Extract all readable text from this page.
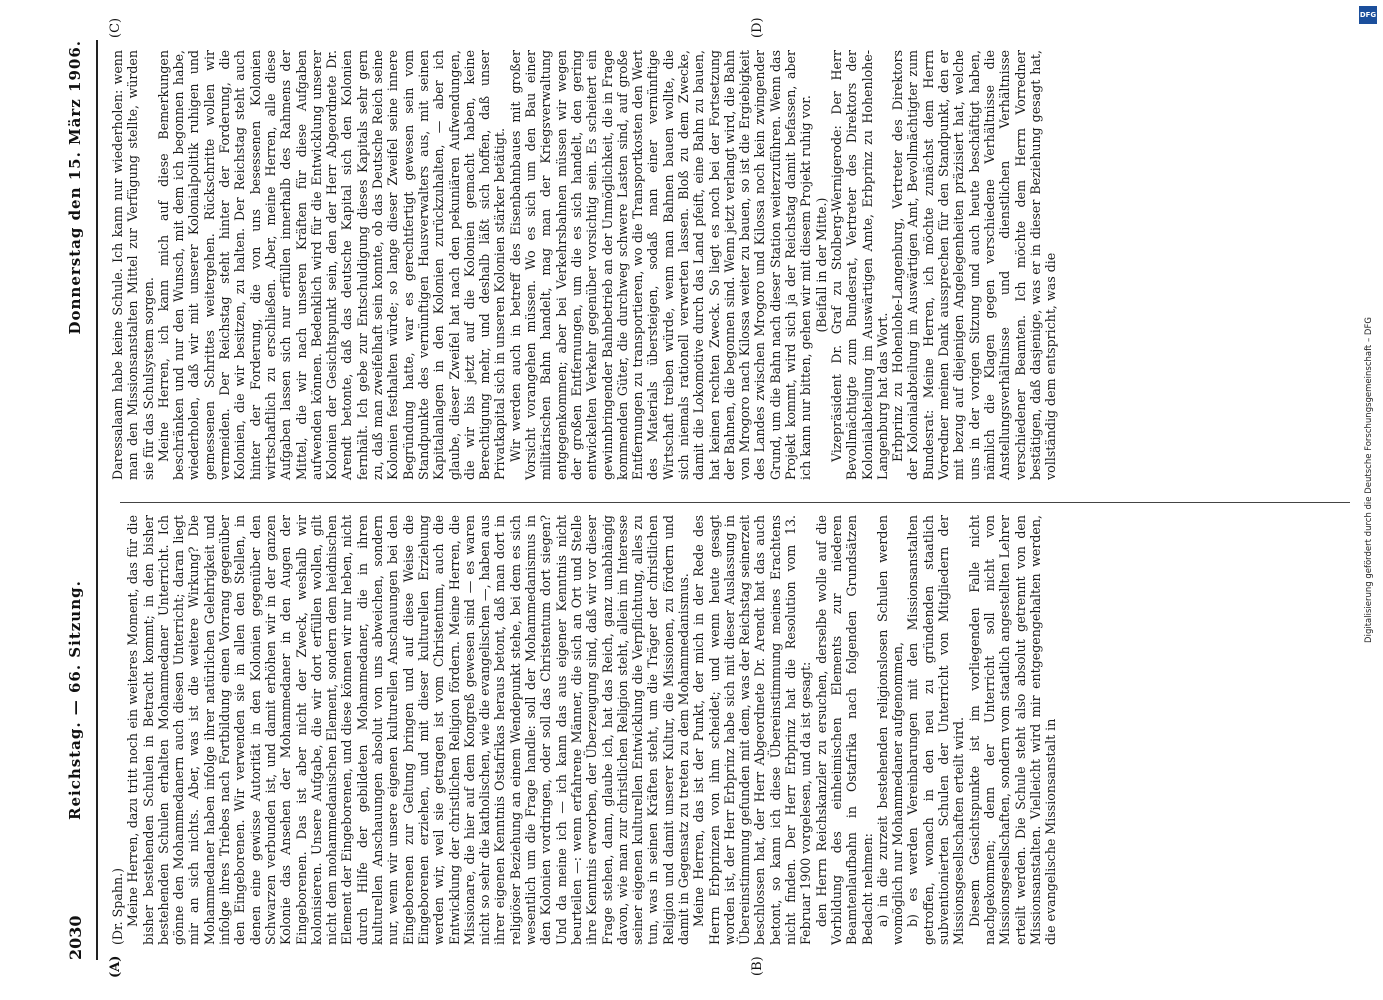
2030
Reichstag. — 66. Sitzung.
Donnerstag den 15. März 1906.
(A)	(B)
(C)	(D)

(Dr. Spahn.) Meine Herren, dazu tritt noch ein weiteres Moment, das für die bisher bestehenden Schulen in Betracht kommt; in den bisher bestehenden Schulen erhalten Mohammedaner Unterricht. Ich gönne den Mohammedanern auch diesen Unterricht; daran liegt mir an sich nichts. Aber, was ist die weitere Wirkung? Die Mohammedaner haben infolge ihrer natürlichen Gelehrigkeit und infolge ihres Triebes nach Fortbildung einen Vorrang gegenüber den Eingeborenen. Wir verwenden sie in allen den Stellen, in denen eine gewisse Autorität in den Kolonien gegenüber den Schwarzen verbunden ist, und damit erhöhen wir in der ganzen Kolonie das Ansehen der Mohammedaner in den Augen der Eingeborenen. Das ist aber nicht der Zweck, weshalb wir kolonisieren. Unsere Aufgabe, die wir dort erfüllen wollen, gilt nicht dem mohammedanischen Element, sondern dem heidnischen Element der Eingeborenen, und diese können wir nur heben, nicht durch Hilfe der gebildeten Mohammedaner, die in ihren kulturellen Anschauungen absolut von uns abweichen, sondern nur, wenn wir unsere eigenen kulturellen Anschauungen bei den Eingeborenen zur Geltung bringen und auf diese Weise die Eingeborenen erziehen, und mit dieser kulturellen Erziehung werden wir, weil sie getragen ist vom Christentum, auch die Entwicklung der christlichen Religion fördern. Meine Herren, die Missionare, die hier auf dem Kongreß gewesen sind — es waren nicht so sehr die katholischen, wie die evangelischen —, haben aus ihrer eigenen Kenntnis Ostafrikas heraus betont, daß man dort in religiöser Beziehung an einem Wendepunkt stehe, bei dem es sich wesentlich um die Frage handle: soll der Mohammedanismus in den Kolonien vordringen, oder soll das Christentum dort siegen? Und da meine ich — ich kann das aus eigener Kenntnis nicht beurteilen —: wenn erfahrene Männer, die sich an Ort und Stelle ihre Kenntnis erworben, der Überzeugung sind, daß wir vor dieser Frage stehen, dann, glaube ich, hat das Reich, ganz unabhängig davon, wie man zur christlichen Religion steht, allein im Interesse seiner eigenen kulturellen Entwicklung die Verpflichtung, alles zu tun, was in seinen Kräften steht, um die Träger der christlichen Religion und damit unserer Kultur, die Missionen, zu fördern und damit in Gegensatz zu treten zu dem Mohammedanismus. Meine Herren, das ist der Punkt, der mich in der Rede des Herrn Erbprinzen von ihm scheidet; und wenn heute gesagt worden ist, der Herr Erbprinz habe sich mit dieser Auslassung in Übereinstimmung gefunden mit dem, was der Reichstag seinerzeit beschlossen hat, der Herr Abgeordnete Dr. Arendt hat das auch betont, so kann ich diese Übereinstimmung meines Erachtens nicht finden. Der Herr Erbprinz hat die Resolution vom 13. Februar 1900 vorgelesen, und da ist gesagt: den Herrn Reichskanzler zu ersuchen, derselbe wolle auf die Vorbildung des einheimischen Elements zur niederen Beamtenlaufbahn in Ostafrika nach folgenden Grundsätzen Bedacht nehmen: a) in die zurzeit bestehenden religionslosen Schulen werden womöglich nur Mohammedaner aufgenommen, b) es werden Vereinbarungen mit den Missionsanstalten getroffen, wonach in den neu zu gründenden staatlich subventionierten Schulen der Unterricht von Mitgliedern der Missionsgesellschaften erteilt wird. Diesem Gesichtspunkte ist im vorliegenden Falle nicht nachgekommen; denn der Unterricht soll nicht von Missionsgesellschaften, sondern vom staatlich angestellten Lehrer erteilt werden. Die Schule steht also absolut getrennt von den Missionsanstalten. Vielleicht wird mir entgegengehalten werden, die evangelische Missionsanstalt in

Daressalaam habe keine Schule. Ich kann nur wiederholen: wenn man den Missionsanstalten Mittel zur Verfügung stellte, würden sie für das Schulsystem sorgen. Meine Herren, ich kann mich auf diese Bemerkungen beschränken und nur den Wunsch, mit dem ich begonnen habe, wiederholen, daß wir mit unserer Kolonialpolitik ruhigen und gemessenen Schrittes weitergehen. Rückschritte wollen wir vermeiden. Der Reichstag steht hinter der Forderung, die Kolonien, die wir besitzen, zu halten. Der Reichstag steht auch hinter der Forderung, die von uns besessenen Kolonien wirtschaftlich zu erschließen. Aber, meine Herren, alle diese Aufgaben lassen sich nur erfüllen innerhalb des Rahmens der Mittel, die wir nach unseren Kräften für diese Aufgaben aufwenden können. Bedenklich wird für die Entwicklung unserer Kolonien der Gesichtspunkt sein, den der Herr Abgeordnete Dr. Arendt betonte, daß das deutsche Kapital sich den Kolonien fernhält. Ich gebe zur Entschuldigung dieses Kapitals sehr gern zu, daß man zweifelhaft sein konnte, ob das Deutsche Reich seine Kolonien festhalten würde; so lange dieser Zweifel seine innere Begründung hatte, war es gerechtfertigt gewesen sein vom Standpunkte des vernünftigen Hausverwalters aus, mit seinen Kapitalanlagen in den Kolonien zurückzuhalten, — aber ich glaube, dieser Zweifel hat nach den pekuniären Aufwendungen, die wir bis jetzt auf die Kolonien gemacht haben, keine Berechtigung mehr, und deshalb läßt sich hoffen, daß unser Privatkapital sich in unseren Kolonien stärker betätigt. Wir werden auch in betreff des Eisenbahnbaues mit großer Vorsicht vorangehen müssen. Wo es sich um den Bau einer militärischen Bahn handelt, mag man der Kriegsverwaltung entgegenkommen; aber bei Verkehrsbahnen müssen wir wegen der großen Entfernungen, um die es sich handelt, den gering entwickelten Verkehr gegenüber vorsichtig sein. Es scheitert ein gewinnbringender Bahnbetrieb an der Unmöglichkeit, die in Frage kommenden Güter, die durchweg schwere Lasten sind, auf große Entfernungen zu transportieren, wo die Transportkosten den Wert des Materials übersteigen, sodaß man einer vernünftige Wirtschaft treiben würde, wenn man Bahnen bauen wollte, die sich niemals rationell verwerten lassen. Bloß zu dem Zwecke, damit die Lokomotive durch das Land pfeift, eine Bahn zu bauen, hat keinen rechten Zweck. So liegt es noch bei der Fortsetzung der Bahnen, die begonnen sind. Wenn jetzt verlangt wird, die Bahn von Mrogoro nach Kilossa weiter zu bauen, so ist die Ergiebigkeit des Landes zwischen Mrogoro und Kilossa noch kein zwingender Grund, um die Bahn nach dieser Station weiterzuführen. Wenn das Projekt kommt, wird sich ja der Reichstag damit befassen, aber ich kann nur bitten, gehen wir mit diesem Projekt ruhig vor. (Beifall in der Mitte.) Vizepräsident Dr. Graf zu Stolberg-Wernigerode: Der Herr Bevollmächtigte zum Bundesrat, Vertreter des Direktors der Kolonialabteilung im Auswärtigen Amte, Erbprinz zu Hohenlohe-Langenburg hat das Wort. Erbprinz zu Hohenlohe-Langenburg, Vertreter des Direktors der Kolonialabteilung im Auswärtigen Amt, Bevollmächtigter zum Bundesrat: Meine Herren, ich möchte zunächst dem Herrn Vorredner meinen Dank aussprechen für den Standpunkt, den er mit bezug auf diejenigen Angelegenheiten präzisiert hat, welche uns in der vorigen Sitzung und auch heute beschäftigt haben, nämlich die Klagen gegen verschiedene Verhältnisse die Anstellungsverhältnisse und dienstlichen Verhältnisse verschiedener Beamten. Ich möchte dem Herrn Vorredner bestätigen, daß dasjenige, was er in dieser Beziehung gesagt hat, vollständig dem entspricht, was die

DFG
Digitalisierung gefördert durch die Deutsche Forschungsgemeinschaft – DFG
